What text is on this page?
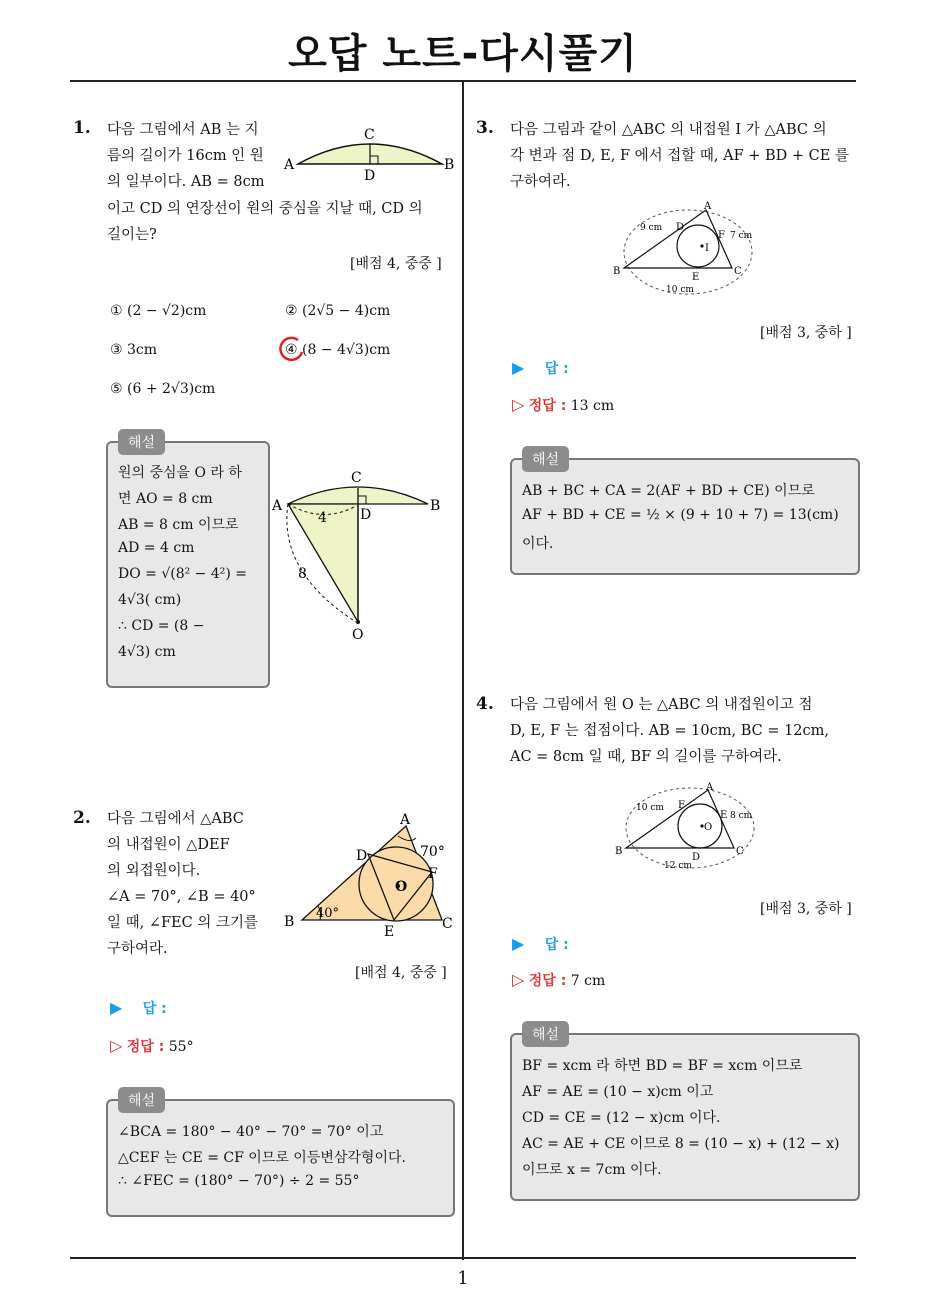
오답 노트-다시풀기
1
1. 다음 그림에서 AB 는 지
름의 길이가 16cm 인 원
의 일부이다. AB = 8cm
이고 CD 의 연장선이 원의 중심을 지날 때, CD 의
길이는?
A	B
C
D
[배점 4, 중중 ]
① (2 − √2)cm	② (2√5 − 4)cm
③ 3cm	④ (8 − 4√3)cm
⑤ (6 + 2√3)cm
해설
원의 중심을 O 라 하
면 AO = 8 cm
AB = 8 cm 이므로
AD = 4 cm
DO = √(8² − 4²) =
4√3( cm)
∴ CD = (8 −
4√3) cm
A	B
C
D
O
4
8
2. 다음 그림에서 △ABC
의 내접원이 △DEF
의 외접원이다.
∠A = 70°, ∠B = 40°
일 때, ∠FEC 의 크기를
구하여라.
A
B	C
D
E
F
O
70°
40°
[배점 4, 중중 ]
▶ 답 :
▷ 정답 : 55°
해설
∠BCA = 180° − 40° − 70° = 70° 이고
△CEF 는 CE = CF 이므로 이등변삼각형이다.
∴ ∠FEC = (180° − 70°) ÷ 2 = 55°
3. 다음 그림과 같이 △ABC 의 내접원 I 가 △ABC 의
각 변과 점 D, E, F 에서 접할 때, AF + BD + CE 를
구하여라.
A
B	C
D
E
F
I
9 cm
7 cm
10 cm
[배점 3, 중하 ]
▶ 답 :
▷ 정답 : 13 cm
해설
AB + BC + CA = 2(AF + BD + CE) 이므로
AF + BD + CE = ½ × (9 + 10 + 7) = 13(cm)
이다.
4. 다음 그림에서 원 O 는 △ABC 의 내접원이고 점
D, E, F 는 접점이다. AB = 10cm, BC = 12cm,
AC = 8cm 일 때, BF 의 길이를 구하여라.
A
B	C
D
E
F
O
10 cm
8 cm
12 cm
[배점 3, 중하 ]
▶ 답 :
▷ 정답 : 7 cm
해설
BF = xcm 라 하면 BD = BF = xcm 이므로
AF = AE = (10 − x)cm 이고
CD = CE = (12 − x)cm 이다.
AC = AE + CE 이므로 8 = (10 − x) + (12 − x)
이므로 x = 7cm 이다.
